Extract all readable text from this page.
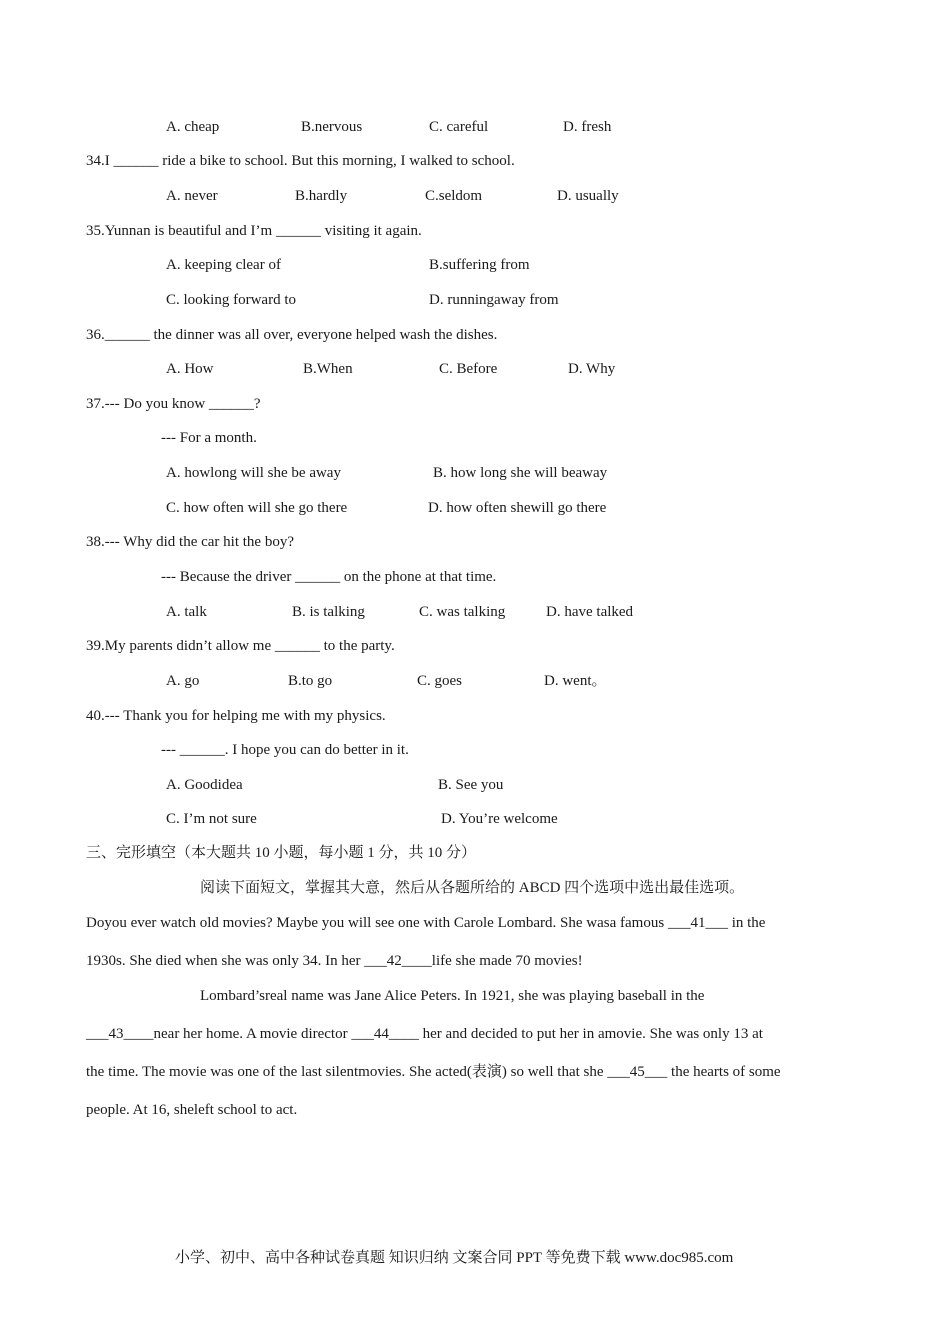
A. cheap	B.nervous	C. careful	D. fresh
34.I ______ ride a bike to school. But this morning, I walked to school.
A. never	B.hardly	C.seldom	D. usually
35.Yunnan is beautiful and I’m ______ visiting it again.
A. keeping clear of	B.suffering from
C. looking forward to	D. runningaway from
36.______ the dinner was all over, everyone helped wash the dishes.
A. How	B.When	C. Before	D. Why
37.--- Do you know ______?
--- For a month.
A. howlong will she be away	B. how long she will beaway
C. how often will she go there	D. how often shewill go there
38.--- Why did the car hit the boy?
--- Because the driver ______ on the phone at that time.
A. talk	B. is talking	C. was talking	D. have talked
39.My parents didn’t allow me ______ to the party.
A. go	B.to go	C. goes	D. went。
40.--- Thank you for helping me with my physics.
--- ______. I hope you can do better in it.
A. Goodidea	B. See you
C. I’m not sure	D. You’re welcome
三、完形填空（本大题共 10 小题，每小题 1 分，共 10 分）
阅读下面短文，掌握其大意，然后从各题所给的 ABCD 四个选项中选出最佳选项。
Doyou ever watch old movies? Maybe you will see one with Carole Lombard. She wasa famous ___41___ in the
1930s. She died when she was only 34. In her ___42____life she made 70 movies!
Lombard’sreal name was Jane Alice Peters. In 1921, she was playing baseball in the
___43____near her home. A movie director ___44____ her and decided to put her in amovie. She was only 13 at
the time. The movie was one of the last silentmovies. She acted(表演) so well that she ___45___ the hearts of some
people. At 16, sheleft school to act.
小学、初中、高中各种试卷真题 知识归纳 文案合同 PPT 等免费下载 www.doc985.com
